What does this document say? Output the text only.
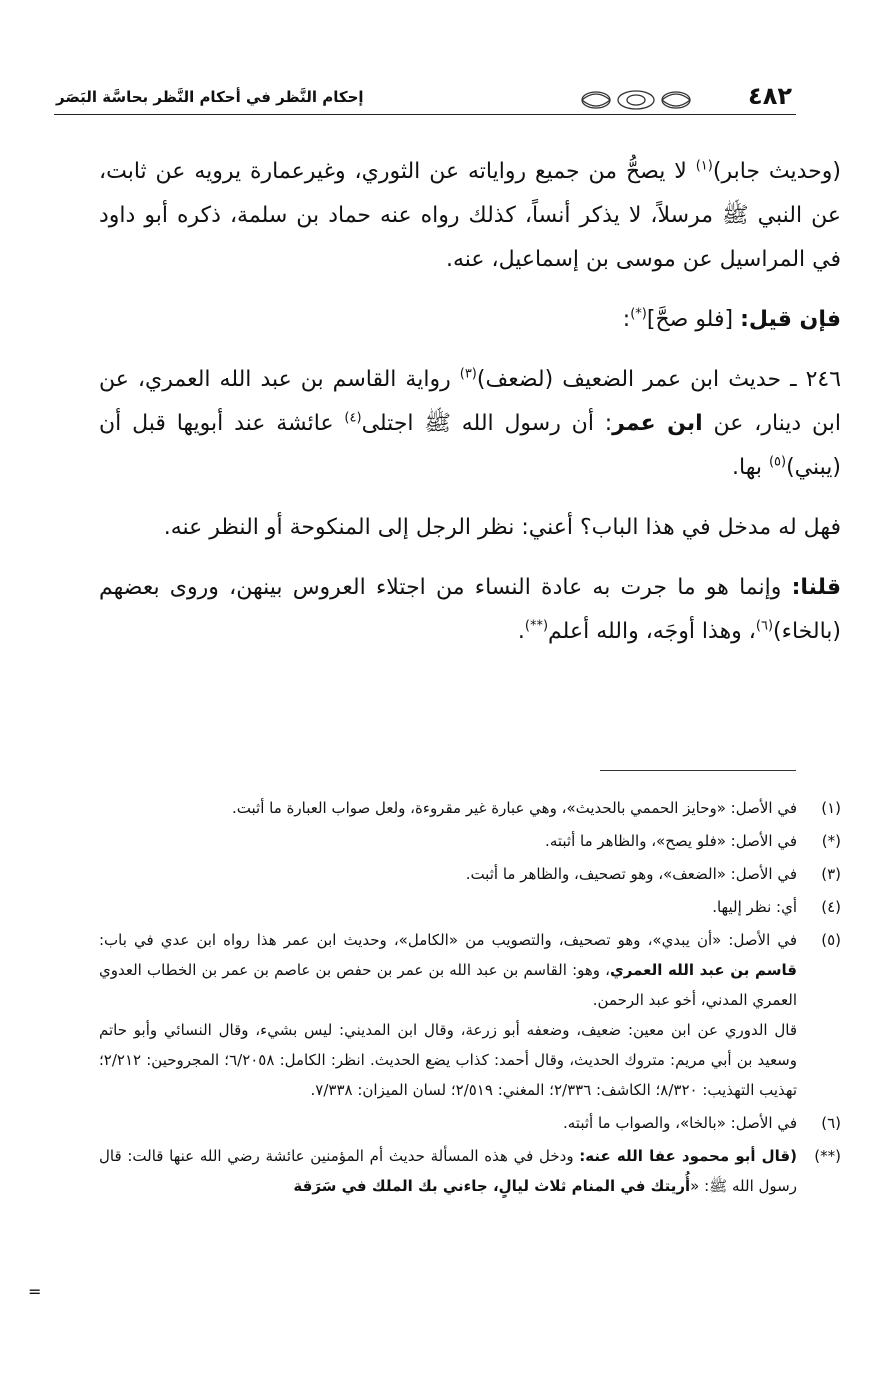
٤٨٢
إحكام النَّظر في أحكام النَّظر بحاسَّة البَصَر

(وحديث جابر)$^{(١)}$ لا يصحُّ من جميع رواياته عن الثوري، وغيرعمارة يرويه عن ثابت، عن النبي ﷺ مرسلاً، لا يذكر أنساً، كذلك رواه عنه حماد بن سلمة، ذكره أبو داود في المراسيل عن موسى بن إسماعيل، عنه.

فإن قيل: [فلو صحَّ](*):

٢٤٦ ـ حديث ابن عمر الضعيف (لضعف)$^{(٣)}$ رواية القاسم بن عبد الله العمري، عن ابن دينار، عن ابن عمر: أن رسول الله ﷺ اجتلى$^{(٤)}$ عائشة عند أبويها قبل أن (يبني)$^{(٥)}$ بها.

فهل له مدخل في هذا الباب؟ أعني: نظر الرجل إلى المنكوحة أو النظر عنه.

قلنا: وإنما هو ما جرت به عادة النساء من اجتلاء العروس بينهن، وروى بعضهم (بالخاء)$^{(٦)}$، وهذا أوجَه، والله أعلم(**).

(١)
في الأصل: «وحايز الحممي بالحديث»، وهي عبارة غير مقروءة، ولعل صواب العبارة ما أثبت.
(*)
في الأصل: «فلو يصح»، والظاهر ما أثبته.
(٣)
في الأصل: «الضعف»، وهو تصحيف، والظاهر ما أثبت.
(٤)
أي: نظر إليها.
(٥)
في الأصل: «أن يبدي»، وهو تصحيف، والتصويب من «الكامل»، وحديث ابن عمر هذا رواه ابن عدي في باب: قاسم بن عبد الله العمري، وهو: القاسم بن عبد الله بن عمر بن حفص بن عاصم بن عمر بن الخطاب العدوي العمري المدني، أخو عبد الرحمن.
قال الدوري عن ابن معين: ضعيف، وضعفه أبو زرعة، وقال ابن المديني: ليس بشيء، وقال النسائي وأبو حاتم وسعيد بن أبي مريم: متروك الحديث، وقال أحمد: كذاب يضع الحديث. انظر: الكامل: ٦/٢٠٥٨؛ المجروحين: ٢/٢١٢؛ تهذيب التهذيب: ٨/٣٢٠؛ الكاشف: ٢/٣٣٦؛ المغني: ٢/٥١٩؛ لسان الميزان: ٧/٣٣٨.
(٦)
في الأصل: «بالخا»، والصواب ما أثبته.
(**)
(قال أبو محمود عفا الله عنه: ودخل في هذه المسألة حديث أم المؤمنين عائشة رضي الله عنها قالت: قال رسول الله ﷺ: «أُريتك في المنام ثلاث ليالٍ، جاءني بك الملك في سَرَقة
=
